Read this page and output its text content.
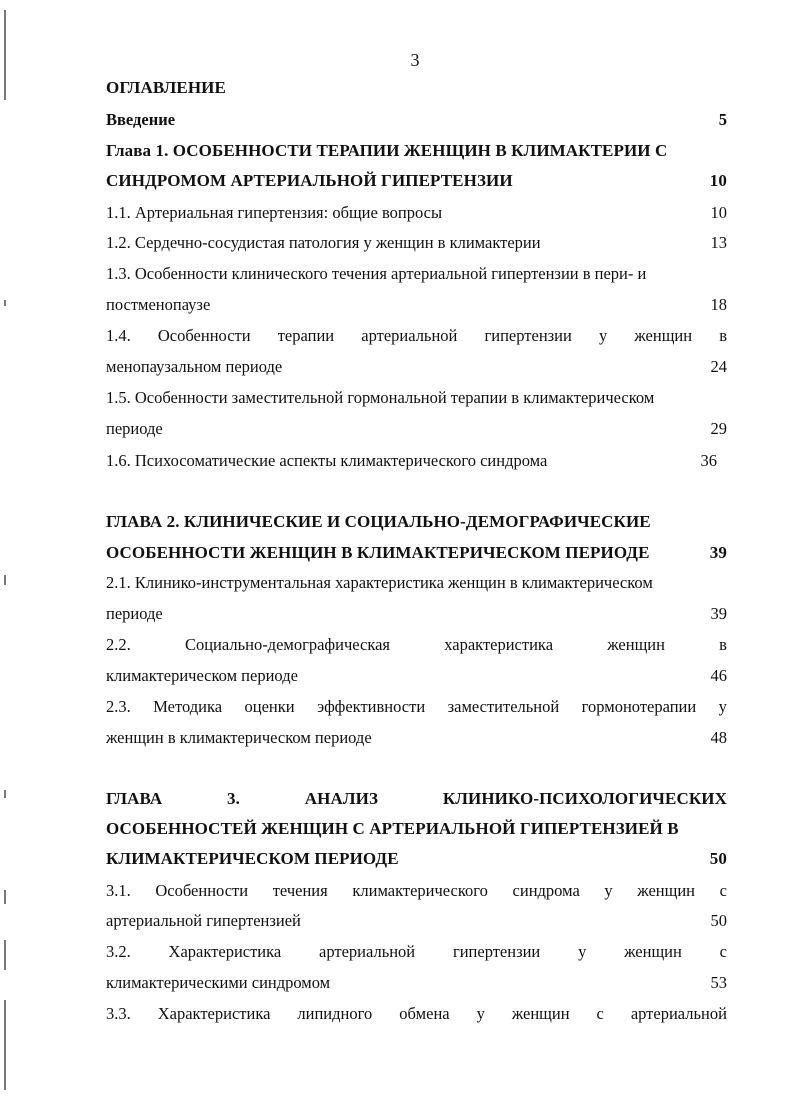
3
ОГЛАВЛЕНИЕ
Введение	5
Глава 1. ОСОБЕННОСТИ ТЕРАПИИ ЖЕНЩИН В КЛИМАКТЕРИИ С
СИНДРОМОМ АРТЕРИАЛЬНОЙ ГИПЕРТЕНЗИИ	10
1.1. Артериальная гипертензия: общие вопросы	10
1.2. Сердечно-сосудистая патология у женщин в климактерии	13
1.3. Особенности клинического течения артериальной гипертензии в пери- и
постменопаузе	18
1.4. Особенности терапии артериальной гипертензии у женщин в
менопаузальном периоде	24
1.5. Особенности заместительной гормональной терапии в климактерическом
периоде	29
1.6. Психосоматические аспекты климактерического синдрома	36
ГЛАВА 2. КЛИНИЧЕСКИЕ И СОЦИАЛЬНО-ДЕМОГРАФИЧЕСКИЕ
ОСОБЕННОСТИ ЖЕНЩИН В КЛИМАКТЕРИЧЕСКОМ ПЕРИОДЕ	39
2.1. Клинико-инструментальная характеристика женщин в климактерическом
периоде	39
2.2.	Социально-демографическая	характеристика	женщин	в
климактерическом периоде	46
2.3. Методика оценки эффективности заместительной гормонотерапии у
женщин в климактерическом периоде	48
ГЛАВА	3.	АНАЛИЗ	КЛИНИКО-ПСИХОЛОГИЧЕСКИХ
ОСОБЕННОСТЕЙ ЖЕНЩИН С АРТЕРИАЛЬНОЙ ГИПЕРТЕНЗИЕЙ В
КЛИМАКТЕРИЧЕСКОМ ПЕРИОДЕ	50
3.1. Особенности течения климактерического синдрома у женщин с
артериальной гипертензией	50
3.2. Характеристика артериальной гипертензии у женщин с
климактерическими синдромом	53
3.3. Характеристика липидного обмена у женщин с артериальной
